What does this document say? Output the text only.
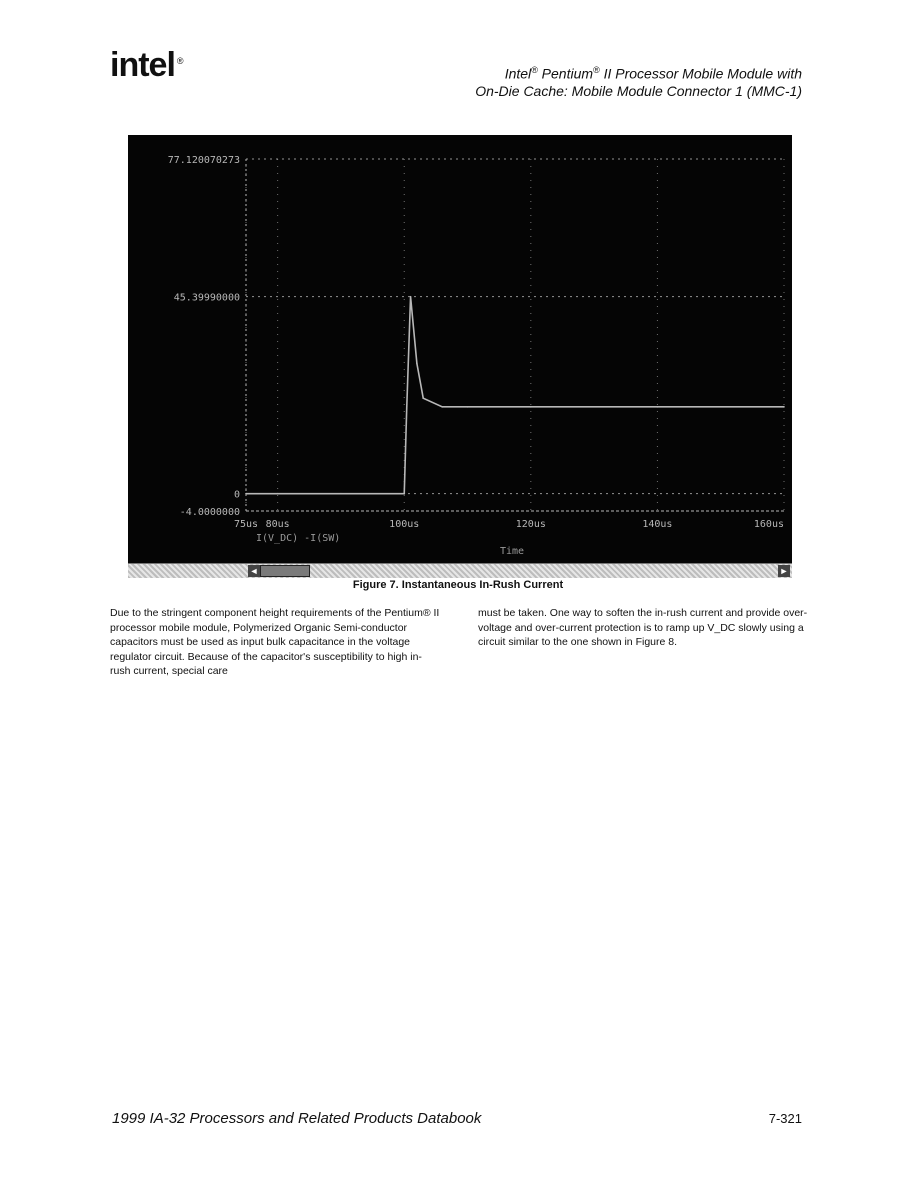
intel ®
Intel® Pentium® II Processor Mobile Module with
On-Die Cache: Mobile Module Connector 1 (MMC-1)
77.120070273
45.39990000
0
-4.0000000
75us 80us	100us	120us	140us	160us
I(V_DC) -I(SW)
Time
◄	►
Figure 7. Instantaneous In-Rush Current
Due to the stringent component height requirements of the Pentium® II processor mobile module, Polymerized Organic Semi-conductor capacitors must be used as input bulk capacitance in the voltage regulator circuit. Because of the capacitor's susceptibility to high in-rush current, special care
must be taken. One way to soften the in-rush current and provide over-voltage and over-current protection is to ramp up V_DC slowly using a circuit similar to the one shown in Figure 8.
1999 IA-32 Processors and Related Products Databook	7-321
